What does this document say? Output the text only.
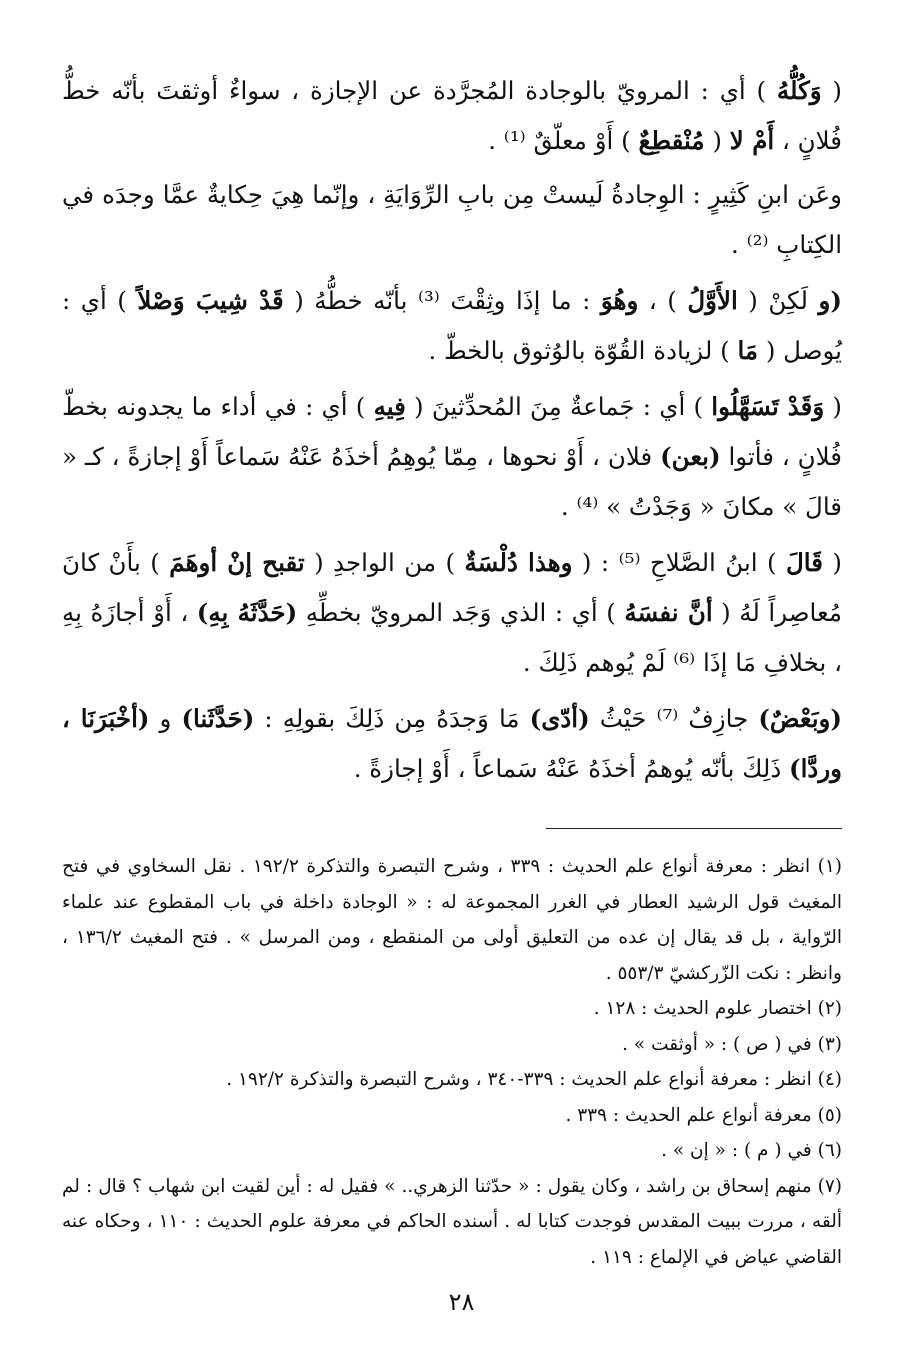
( وَكُلُّهُ ) أي : المرويّ بالوجادة المُجرَّدة عن الإجازة ، سواءٌ أوثقتَ بأنّه خطُّ فُلانٍ ، أَمْ لا ( مُنْقطِعٌ ) أَوْ معلّقٌ ⁽¹⁾ .

وعَن ابنِ كَثِيرٍ : الوِجادةُ لَيستْ مِن بابِ الرِّوَايَةِ ، وإنّما هِيَ حِكايةٌ عمَّا وجدَه في الكِتابِ ⁽²⁾ .

(و لَكِنْ ( الأَوَّلُ ) ، وهُوَ : ما إذَا وثِقْتَ ⁽³⁾ بأنّه خطُّهُ ( قَدْ شِيبَ وَصْلاً ) أي : يُوصل ( مَا ) لزيادة القُوّة بالوُثوق بالخطّ .

( وَقَدْ تَسَهَّلُوا ) أي : جَماعةٌ مِنَ المُحدِّثينَ ( فِيهِ ) أي : في أداء ما يجدونه بخطّ فُلانٍ ، فأتوا (بعن) فلان ، أَوْ نحوها ، مِمّا يُوهِمُ أخذَهُ عَنْهُ سَماعاً أَوْ إجازةً ، كـ « قالَ » مكانَ « وَجَدْتُ » ⁽⁴⁾ .

( قَالَ ) ابنُ الصَّلاحِ ⁽⁵⁾ : ( وهذا دُلْسَةٌ ) من الواجدِ ( تقبح إنْ أوهَمَ ) بأَنْ كانَ مُعاصِراً لَهُ ( أنَّ نفسَهُ ) أي : الذي وَجَد المرويّ بخطِّهِ (حَدَّثَهُ بِهِ) ، أَوْ أجازَهُ بِهِ ، بخلافِ مَا إذَا ⁽⁶⁾ لَمْ يُوهم ذَلِكَ .

(وبَعْضٌ) جازِفٌ ⁽⁷⁾ حَيْثُ (أدّى) مَا وَجدَهُ مِن ذَلِكَ بقولِهِ : (حَدَّثَنا) و (أخْبَرَنَا ، وردَّا) ذَلِكَ بأنّه يُوهمُ أخذَهُ عَنْهُ سَماعاً ، أَوْ إجازةً .

(١) انظر : معرفة أنواع علم الحديث : ٣٣٩ ، وشرح التبصرة والتذكرة ١٩٢/٢ . نقل السخاوي في فتح المغيث قول الرشيد العطار في الغرر المجموعة له : « الوجادة داخلة في باب المقطوع عند علماء الرّواية ، بل قد يقال إن عده من التعليق أولى من المنقطع ، ومن المرسل » . فتح المغيث ١٣٦/٢ ، وانظر : نكت الزّركشيّ ٥٥٣/٣ .

(٢) اختصار علوم الحديث : ١٢٨ .

(٣) في ( ص ) : « أوثقت » .

(٤) انظر : معرفة أنواع علم الحديث : ٣٣٩-٣٤٠ ، وشرح التبصرة والتذكرة ١٩٢/٢ .

(٥) معرفة أنواع علم الحديث : ٣٣٩ .

(٦) في ( م ) : « إن » .

(٧) منهم إسحاق بن راشد ، وكان يقول : « حدّثنا الزهري.. » فقيل له : أين لقيت ابن شهاب ؟ قال : لم ألقه ، مررت ببيت المقدس فوجدت كتابا له . أسنده الحاكم في معرفة علوم الحديث : ١١٠ ، وحكاه عنه القاضي عياض في الإلماع : ١١٩ .

٢٨
